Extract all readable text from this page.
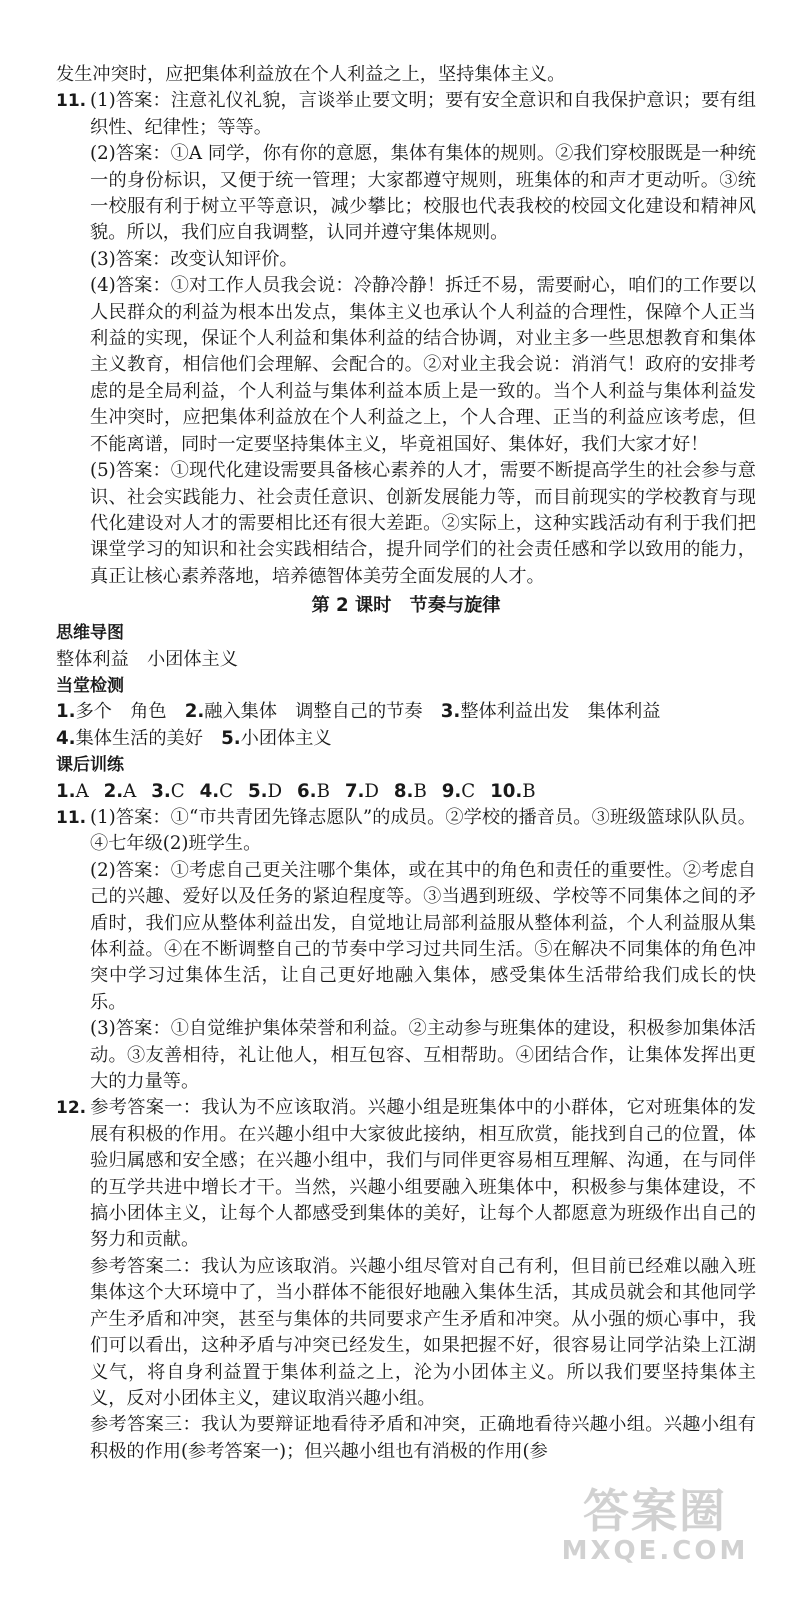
发生冲突时，应把集体利益放在个人利益之上，坚持集体主义。

11. (1)答案：注意礼仪礼貌，言谈举止要文明；要有安全意识和自我保护意识；要有组织性、纪律性；等等。

(2)答案：①A 同学，你有你的意愿，集体有集体的规则。②我们穿校服既是一种统一的身份标识，又便于统一管理；大家都遵守规则，班集体的和声才更动听。③统一校服有利于树立平等意识，减少攀比；校服也代表我校的校园文化建设和精神风貌。所以，我们应自我调整，认同并遵守集体规则。

(3)答案：改变认知评价。

(4)答案：①对工作人员我会说：冷静冷静！拆迁不易，需要耐心，咱们的工作要以人民群众的利益为根本出发点，集体主义也承认个人利益的合理性，保障个人正当利益的实现，保证个人利益和集体利益的结合协调，对业主多一些思想教育和集体主义教育，相信他们会理解、会配合的。②对业主我会说：消消气！政府的安排考虑的是全局利益，个人利益与集体利益本质上是一致的。当个人利益与集体利益发生冲突时，应把集体利益放在个人利益之上，个人合理、正当的利益应该考虑，但不能离谱，同时一定要坚持集体主义，毕竟祖国好、集体好，我们大家才好！

(5)答案：①现代化建设需要具备核心素养的人才，需要不断提高学生的社会参与意识、社会实践能力、社会责任意识、创新发展能力等，而目前现实的学校教育与现代化建设对人才的需要相比还有很大差距。②实际上，这种实践活动有利于我们把课堂学习的知识和社会实践相结合，提升同学们的社会责任感和学以致用的能力，真正让核心素养落地，培养德智体美劳全面发展的人才。

第 2 课时　节奏与旋律

思维导图

整体利益　小团体主义

当堂检测

1.多个　角色　2.融入集体　调整自己的节奏　3.整体利益出发　集体利益

4.集体生活的美好　5.小团体主义

课后训练

1.A  2.A  3.C  4.C  5.D  6.B  7.D  8.B  9.C  10.B

11. (1)答案：①“市共青团先锋志愿队”的成员。②学校的播音员。③班级篮球队队员。④七年级(2)班学生。

(2)答案：①考虑自己更关注哪个集体，或在其中的角色和责任的重要性。②考虑自己的兴趣、爱好以及任务的紧迫程度等。③当遇到班级、学校等不同集体之间的矛盾时，我们应从整体利益出发，自觉地让局部利益服从整体利益，个人利益服从集体利益。④在不断调整自己的节奏中学习过共同生活。⑤在解决不同集体的角色冲突中学习过集体生活，让自己更好地融入集体，感受集体生活带给我们成长的快乐。

(3)答案：①自觉维护集体荣誉和利益。②主动参与班集体的建设，积极参加集体活动。③友善相待，礼让他人，相互包容、互相帮助。④团结合作，让集体发挥出更大的力量等。

12. 参考答案一：我认为不应该取消。兴趣小组是班集体中的小群体，它对班集体的发展有积极的作用。在兴趣小组中大家彼此接纳，相互欣赏，能找到自己的位置，体验归属感和安全感；在兴趣小组中，我们与同伴更容易相互理解、沟通，在与同伴的互学共进中增长才干。当然，兴趣小组要融入班集体中，积极参与集体建设，不搞小团体主义，让每个人都感受到集体的美好，让每个人都愿意为班级作出自己的努力和贡献。

参考答案二：我认为应该取消。兴趣小组尽管对自己有利，但目前已经难以融入班集体这个大环境中了，当小群体不能很好地融入集体生活，其成员就会和其他同学产生矛盾和冲突，甚至与集体的共同要求产生矛盾和冲突。从小强的烦心事中，我们可以看出，这种矛盾与冲突已经发生，如果把握不好，很容易让同学沾染上江湖义气，将自身利益置于集体利益之上，沦为小团体主义。所以我们要坚持集体主义，反对小团体主义，建议取消兴趣小组。

参考答案三：我认为要辩证地看待矛盾和冲突，正确地看待兴趣小组。兴趣小组有积极的作用(参考答案一)；但兴趣小组也有消极的作用(参

答案圈
MXQE.COM
